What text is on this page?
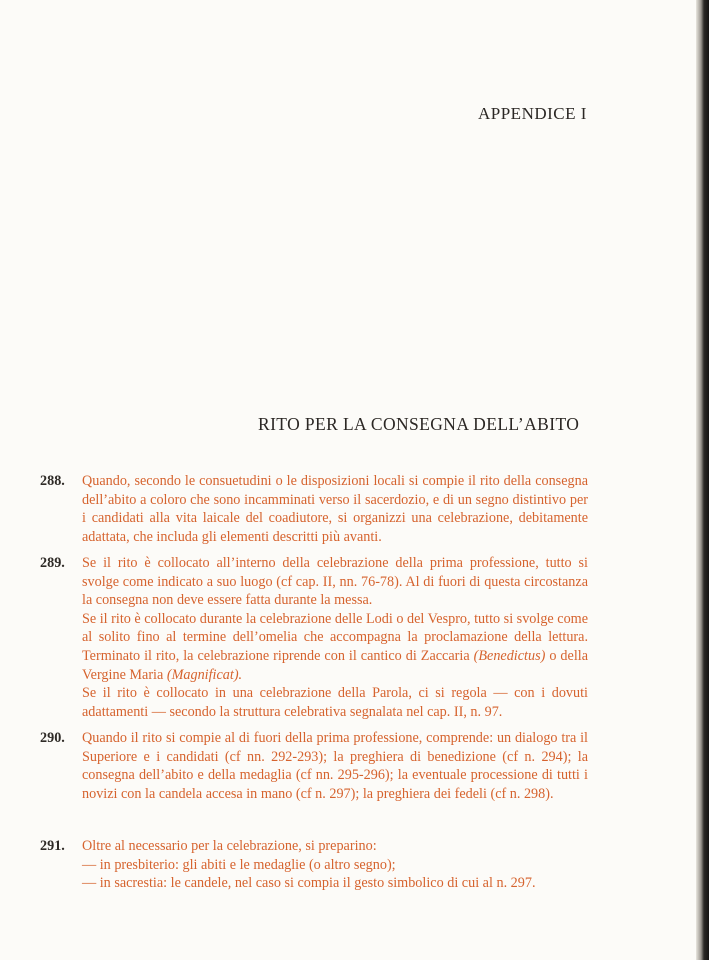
APPENDICE I
RITO PER LA CONSEGNA DELL’ABITO
288.	Quando, secondo le consuetudini o le disposizioni locali si compie il rito della consegna dell’abito a coloro che sono incamminati verso il sacerdozio, e di un segno distintivo per i candidati alla vita laicale del coadiutore, si organizzi una celebrazione, debitamente adattata, che includa gli elementi descritti più avanti.

289.	Se il rito è collocato all’interno della celebrazione della prima professione, tutto si svolge come indicato a suo luogo (cf cap. II, nn. 76-78). Al di fuori di questa circostanza la consegna non deve essere fatta durante la messa.

Se il rito è collocato durante la celebrazione delle Lodi o del Vespro, tutto si svolge come al solito fino al termine dell’omelia che accompagna la proclamazione della lettura. Terminato il rito, la celebrazione riprende con il cantico di Zaccaria (Benedictus) o della Vergine Maria (Magnificat).

Se il rito è collocato in una celebrazione della Parola, ci si regola — con i dovuti adattamenti — secondo la struttura celebrativa segnalata nel cap. II, n. 97.

290.	Quando il rito si compie al di fuori della prima professione, comprende: un dialogo tra il Superiore e i candidati (cf nn. 292-293); la preghiera di benedizione (cf n. 294); la consegna dell’abito e della medaglia (cf nn. 295-296); la eventuale processione di tutti i novizi con la candela accesa in mano (cf n. 297); la preghiera dei fedeli (cf n. 298).

291.	Oltre al necessario per la celebrazione, si preparino:

— in presbiterio: gli abiti e le medaglie (o altro segno);

— in sacrestia: le candele, nel caso si compia il gesto simbolico di cui al n. 297.
